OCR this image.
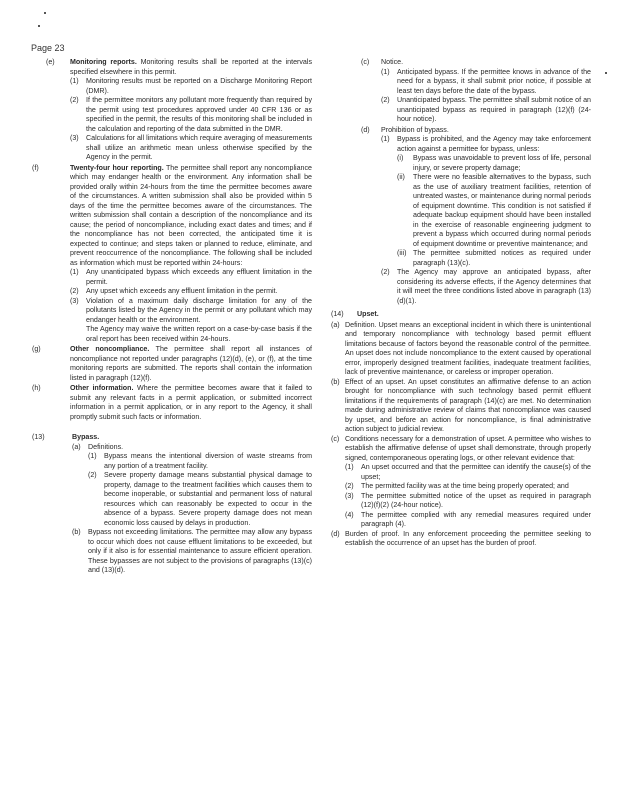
Page 23
(e)	Monitoring reports. Monitoring results shall be reported at the intervals specified elsewhere in this permit.
(1)	Monitoring results must be reported on a Discharge Monitoring Report (DMR).
(2)	If the permittee monitors any pollutant more frequently than required by the permit using test procedures approved under 40 CFR 136 or as specified in the permit, the results of this monitoring shall be included in the calculation and reporting of the data submitted in the DMR.
(3)	Calculations for all limitations which require averaging of measurements shall utilize an arithmetic mean unless otherwise specified by the Agency in the permit.
(f)	Twenty-four hour reporting. The permittee shall report any noncompliance which may endanger health or the environment. Any information shall be provided orally within 24-hours from the time the permittee becomes aware of the circumstances. A written submission shall also be provided within 5 days of the time the permittee becomes aware of the circumstances. The written submission shall contain a description of the noncompliance and its cause; the period of noncompliance, including exact dates and times; and if the noncompliance has not been corrected, the anticipated time it is expected to continue; and steps taken or planned to reduce, eliminate, and prevent reoccurrence of the noncompliance. The following shall be included as information which must be reported within 24-hours:
(1)	Any unanticipated bypass which exceeds any effluent limitation in the permit.
(2)	Any upset which exceeds any effluent limitation in the permit.
(3)	Violation of a maximum daily discharge limitation for any of the pollutants listed by the Agency in the permit or any pollutant which may endanger health or the environment.
The Agency may waive the written report on a case-by-case basis if the oral report has been received within 24-hours.
(g)	Other noncompliance. The permittee shall report all instances of noncompliance not reported under paragraphs (12)(d), (e), or (f), at the time monitoring reports are submitted. The reports shall contain the information listed in paragraph (12)(f).
(h)	Other information. Where the permittee becomes aware that it failed to submit any relevant facts in a permit application, or submitted incorrect information in a permit application, or in any report to the Agency, it shall promptly submit such facts or information.
(13)	Bypass.
(a)	Definitions.
(1)	Bypass means the intentional diversion of waste streams from any portion of a treatment facility.
(2)	Severe property damage means substantial physical damage to property, damage to the treatment facilities which causes them to become inoperable, or substantial and permanent loss of natural resources which can reasonably be expected to occur in the absence of a bypass. Severe property damage does not mean economic loss caused by delays in production.
(b)	Bypass not exceeding limitations. The permittee may allow any bypass to occur which does not cause effluent limitations to be exceeded, but only if it also is for essential maintenance to assure efficient operation. These bypasses are not subject to the provisions of paragraphs (13)(c) and (13)(d).
(c)	Notice.
(1)	Anticipated bypass. If the permittee knows in advance of the need for a bypass, it shall submit prior notice, if possible at least ten days before the date of the bypass.
(2)	Unanticipated bypass. The permittee shall submit notice of an unanticipated bypass as required in paragraph (12)(f) (24-hour notice).
(d)	Prohibition of bypass.
(1)	Bypass is prohibited, and the Agency may take enforcement action against a permittee for bypass, unless:
(i)	Bypass was unavoidable to prevent loss of life, personal injury, or severe property damage;
(ii)	There were no feasible alternatives to the bypass, such as the use of auxiliary treatment facilities, retention of untreated wastes, or maintenance during normal periods of equipment downtime. This condition is not satisfied if adequate backup equipment should have been installed in the exercise of reasonable engineering judgment to prevent a bypass which occurred during normal periods of equipment downtime or preventive maintenance; and
(iii) The permittee submitted notices as required under paragraph (13)(c).
(2)	The Agency may approve an anticipated bypass, after considering its adverse effects, if the Agency determines that it will meet the three conditions listed above in paragraph (13)(d)(1).
(14)	Upset.
(a) Definition. Upset means an exceptional incident in which there is unintentional and temporary noncompliance with technology based permit effluent limitations because of factors beyond the reasonable control of the permittee. An upset does not include noncompliance to the extent caused by operational error, improperly designed treatment facilities, inadequate treatment facilities, lack of preventive maintenance, or careless or improper operation.
(b) Effect of an upset. An upset constitutes an affirmative defense to an action brought for noncompliance with such technology based permit effluent limitations if the requirements of paragraph (14)(c) are met. No determination made during administrative review of claims that noncompliance was caused by upset, and before an action for noncompliance, is final administrative action subject to judicial review.
(c) Conditions necessary for a demonstration of upset. A permittee who wishes to establish the affirmative defense of upset shall demonstrate, through properly signed, contemporaneous operating logs, or other relevant evidence that:
(1)	An upset occurred and that the permittee can identify the cause(s) of the upset;
(2)	The permitted facility was at the time being properly operated; and
(3)	The permittee submitted notice of the upset as required in paragraph (12)(f)(2) (24-hour notice).
(4)	The permittee complied with any remedial measures required under paragraph (4).
(d) Burden of proof. In any enforcement proceeding the permittee seeking to establish the occurrence of an upset has the burden of proof.
